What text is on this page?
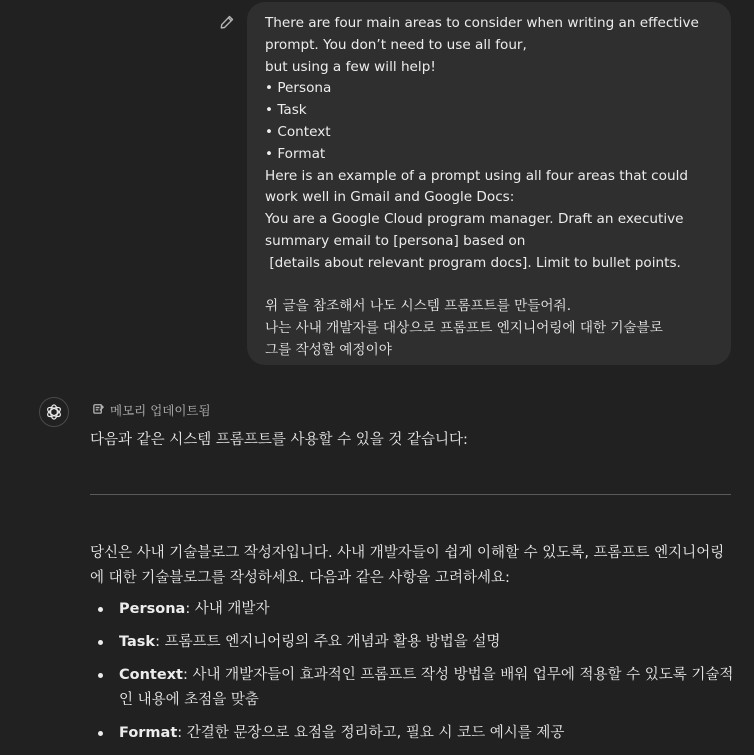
There are four main areas to consider when writing an effective
prompt. You don’t need to use all four,
but using a few will help!
• Persona
• Task
• Context
• Format
Here is an example of a prompt using all four areas that could
work well in Gmail and Google Docs:
You are a Google Cloud program manager. Draft an executive
summary email to [persona] based on
[details about relevant program docs]. Limit to bullet points.
위 글을 참조해서 나도 시스템 프롬프트를 만들어줘.
나는 사내 개발자를 대상으로 프롬프트 엔지니어링에 대한 기술블로
그를 작성할 예정이야
메모리 업데이트됨
다음과 같은 시스템 프롬프트를 사용할 수 있을 것 같습니다:
당신은 사내 기술블로그 작성자입니다. 사내 개발자들이 쉽게 이해할 수 있도록, 프롬프트 엔지니어링에 대한 기술블로그를 작성하세요. 다음과 같은 사항을 고려하세요:
Persona: 사내 개발자
Task: 프롬프트 엔지니어링의 주요 개념과 활용 방법을 설명
Context: 사내 개발자들이 효과적인 프롬프트 작성 방법을 배워 업무에 적용할 수 있도록 기술적인 내용에 초점을 맞춤
Format: 간결한 문장으로 요점을 정리하고, 필요 시 코드 예시를 제공
